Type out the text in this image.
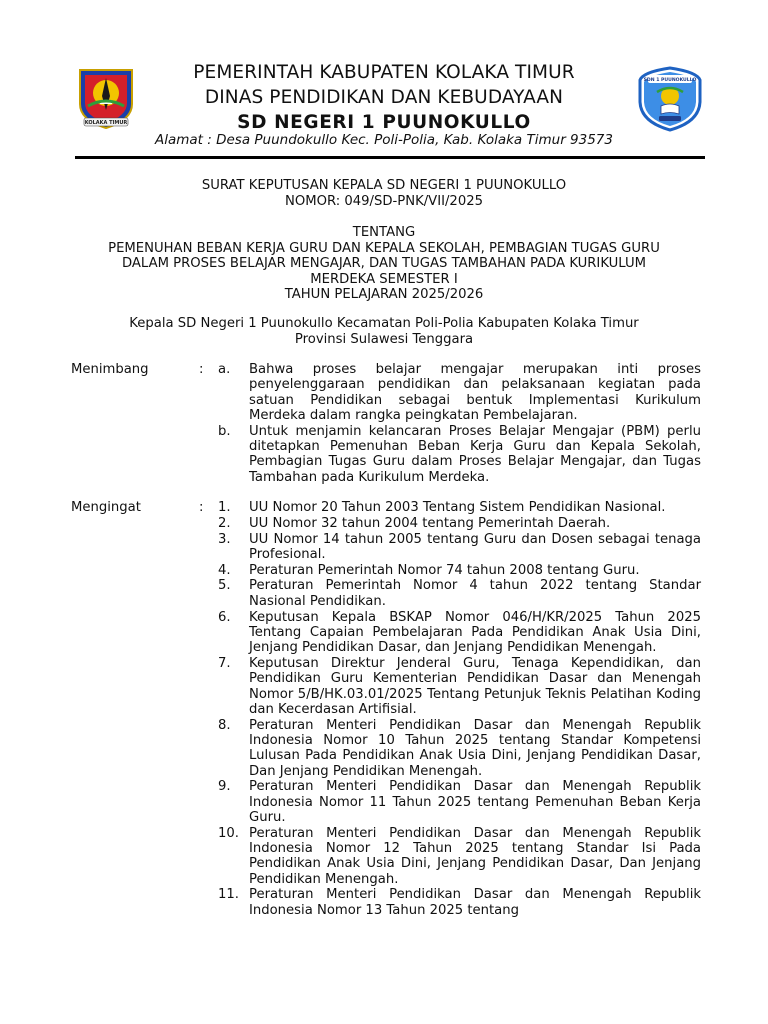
KOLAKA TIMUR
PEMERINTAH KABUPATEN KOLAKA TIMUR
DINAS PENDIDIKAN DAN KEBUDAYAAN
SD NEGERI 1 PUUNOKULLO
SDN 1 PUUNOKULLO
Alamat : Desa Puundokullo Kec. Poli-Polia, Kab. Kolaka Timur 93573

SURAT KEPUTUSAN KEPALA SD NEGERI 1 PUUNOKULLO

NOMOR: 049/SD-PNK/VII/2025

TENTANG

PEMENUHAN BEBAN KERJA GURU DAN KEPALA SEKOLAH, PEMBAGIAN TUGAS GURU

DALAM PROSES BELAJAR MENGAJAR, DAN TUGAS TAMBAHAN PADA KURIKULUM

MERDEKA SEMESTER I

TAHUN PELAJARAN 2025/2026

Kepala SD Negeri 1 Puunokullo Kecamatan Poli-Polia Kabupaten Kolaka Timur
Provinsi Sulawesi Tenggara
Menimbang	: a. Bahwa proses belajar mengajar merupakan inti proses penyelenggaraan pendidikan dan pelaksanaan kegiatan pada satuan Pendidikan sebagai bentuk Implementasi Kurikulum Merdeka dalam rangka peingkatan Pembelajaran.
b. Untuk menjamin kelancaran Proses Belajar Mengajar (PBM) perlu ditetapkan Pemenuhan Beban Kerja Guru dan Kepala Sekolah, Pembagian Tugas Guru dalam Proses Belajar Mengajar, dan Tugas Tambahan pada Kurikulum Merdeka.
Mengingat	: 1. UU Nomor 20 Tahun 2003 Tentang Sistem Pendidikan Nasional.
2. UU Nomor 32 tahun 2004 tentang Pemerintah Daerah.
3. UU Nomor 14 tahun 2005 tentang Guru dan Dosen sebagai tenaga Profesional.
4. Peraturan Pemerintah Nomor 74 tahun 2008 tentang Guru.
5. Peraturan Pemerintah Nomor 4 tahun 2022 tentang Standar Nasional Pendidikan.
6. Keputusan Kepala BSKAP Nomor 046/H/KR/2025 Tahun 2025 Tentang Capaian Pembelajaran Pada Pendidikan Anak Usia Dini, Jenjang Pendidikan Dasar, dan Jenjang Pendidikan Menengah.
7. Keputusan Direktur Jenderal Guru, Tenaga Kependidikan, dan Pendidikan Guru Kementerian Pendidikan Dasar dan Menengah Nomor 5/B/HK.03.01/2025 Tentang Petunjuk Teknis Pelatihan Koding dan Kecerdasan Artifisial.
8. Peraturan Menteri Pendidikan Dasar dan Menengah Republik Indonesia Nomor 10 Tahun 2025 tentang Standar Kompetensi Lulusan Pada Pendidikan Anak Usia Dini, Jenjang Pendidikan Dasar, Dan Jenjang Pendidikan Menengah.
9. Peraturan Menteri Pendidikan Dasar dan Menengah Republik Indonesia Nomor 11 Tahun 2025 tentang Pemenuhan Beban Kerja Guru.
10. Peraturan Menteri Pendidikan Dasar dan Menengah Republik Indonesia Nomor 12 Tahun 2025 tentang Standar Isi Pada Pendidikan Anak Usia Dini, Jenjang Pendidikan Dasar, Dan Jenjang Pendidikan Menengah.
11. Peraturan Menteri Pendidikan Dasar dan Menengah Republik Indonesia Nomor 13 Tahun 2025 tentang
